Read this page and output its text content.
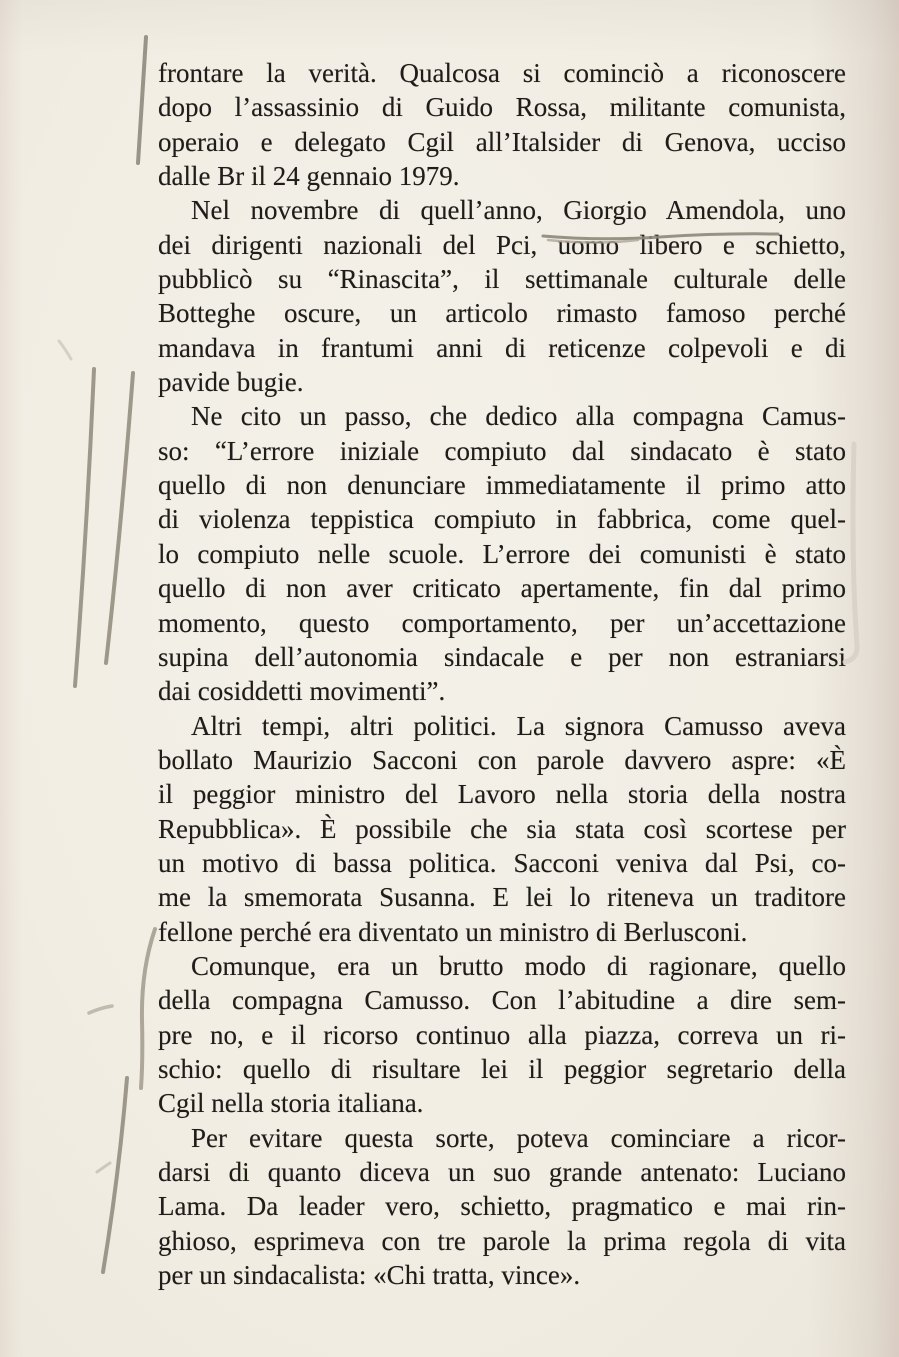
frontare la verità. Qualcosa si cominciò a riconoscere
dopo l’assassinio di Guido Rossa, militante comunista,
operaio e delegato Cgil all’Italsider di Genova, ucciso
dalle Br il 24 gennaio 1979.
Nel novembre di quell’anno, Giorgio Amendola, uno
dei dirigenti nazionali del Pci, uomo libero e schietto,
pubblicò su “Rinascita”, il settimanale culturale delle
Botteghe oscure, un articolo rimasto famoso perché
mandava in frantumi anni di reticenze colpevoli e di
pavide bugie.
Ne cito un passo, che dedico alla compagna Camus-
so: “L’errore iniziale compiuto dal sindacato è stato
quello di non denunciare immediatamente il primo atto
di violenza teppistica compiuto in fabbrica, come quel-
lo compiuto nelle scuole. L’errore dei comunisti è stato
quello di non aver criticato apertamente, fin dal primo
momento, questo comportamento, per un’accettazione
supina dell’autonomia sindacale e per non estraniarsi
dai cosiddetti movimenti”.
Altri tempi, altri politici. La signora Camusso aveva
bollato Maurizio Sacconi con parole davvero aspre: «È
il peggior ministro del Lavoro nella storia della nostra
Repubblica». È possibile che sia stata così scortese per
un motivo di bassa politica. Sacconi veniva dal Psi, co-
me la smemorata Susanna. E lei lo riteneva un traditore
fellone perché era diventato un ministro di Berlusconi.
Comunque, era un brutto modo di ragionare, quello
della compagna Camusso. Con l’abitudine a dire sem-
pre no, e il ricorso continuo alla piazza, correva un ri-
schio: quello di risultare lei il peggior segretario della
Cgil nella storia italiana.
Per evitare questa sorte, poteva cominciare a ricor-
darsi di quanto diceva un suo grande antenato: Luciano
Lama. Da leader vero, schietto, pragmatico e mai rin-
ghioso, esprimeva con tre parole la prima regola di vita
per un sindacalista: «Chi tratta, vince».
